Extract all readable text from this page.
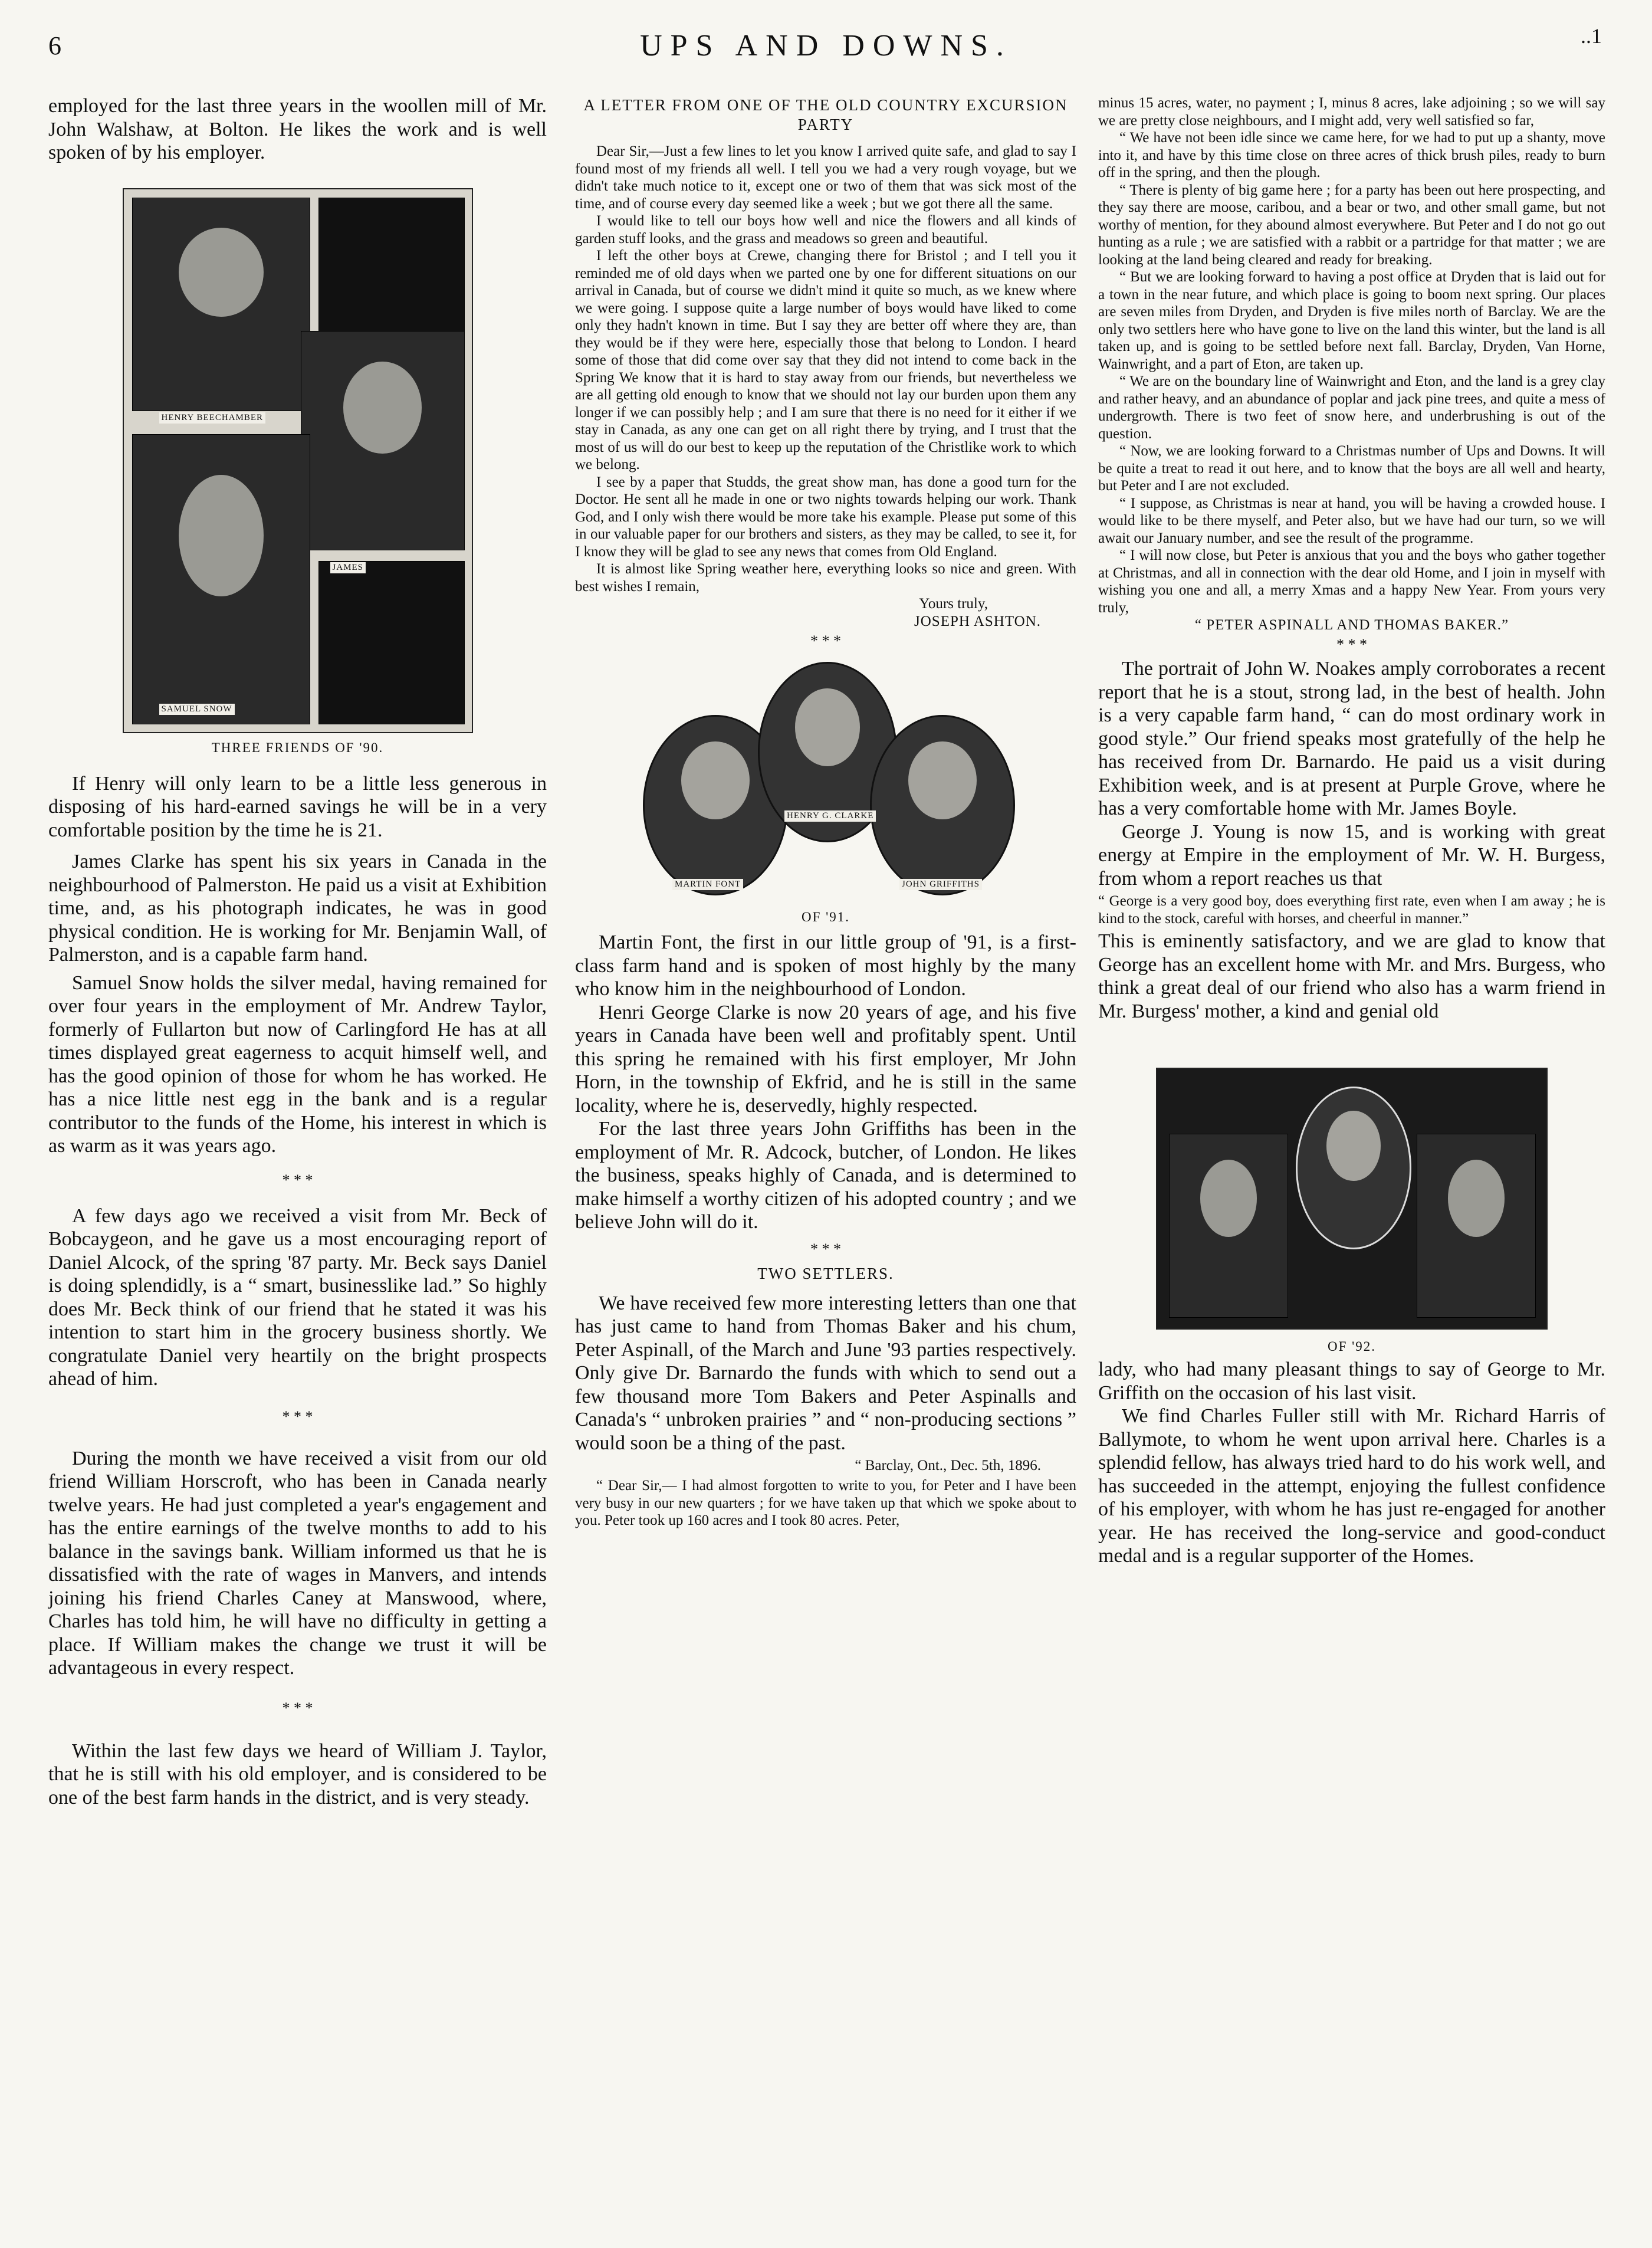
6	UPS AND DOWNS.	..1

employed for the last three years in the woollen mill of Mr. John Walshaw, at Bolton. He likes the work and is well spoken of by his employer.

HENRY BEECHAMBER
SAMUEL SNOW
JAMES
THREE FRIENDS OF '90.

If Henry will only learn to be a little less generous in disposing of his hard-earned savings he will be in a very comfortable position by the time he is 21.

James Clarke has spent his six years in Canada in the neighbourhood of Palmerston. He paid us a visit at Exhibition time, and, as his photograph indicates, he was in good physical condition. He is working for Mr. Benjamin Wall, of Palmerston, and is a capable farm hand.

Samuel Snow holds the silver medal, having remained for over four years in the employment of Mr. Andrew Taylor, formerly of Fullarton but now of Carlingford He has at all times displayed great eagerness to acquit himself well, and has the good opinion of those for whom he has worked. He has a nice little nest egg in the bank and is a regular contributor to the funds of the Home, his interest in which is as warm as it was years ago.

* * *

A few days ago we received a visit from Mr. Beck of Bobcaygeon, and he gave us a most encouraging report of Daniel Alcock, of the spring '87 party. Mr. Beck says Daniel is doing splendidly, is a “ smart, businesslike lad.” So highly does Mr. Beck think of our friend that he stated it was his intention to start him in the grocery business shortly. We congratulate Daniel very heartily on the bright prospects ahead of him.

* * *

During the month we have received a visit from our old friend William Horscroft, who has been in Canada nearly twelve years. He had just completed a year's engagement and has the entire earnings of the twelve months to add to his balance in the savings bank. William informed us that he is dissatisfied with the rate of wages in Manvers, and intends joining his friend Charles Caney at Manswood, where, Charles has told him, he will have no difficulty in getting a place. If William makes the change we trust it will be advantageous in every respect.

* * *

Within the last few days we heard of William J. Taylor, that he is still with his old employer, and is considered to be one of the best farm hands in the district, and is very steady.

A LETTER FROM ONE OF THE OLD COUNTRY EXCURSION PARTY

Dear Sir,—Just a few lines to let you know I arrived quite safe, and glad to say I found most of my friends all well. I tell you we had a very rough voyage, but we didn't take much notice to it, except one or two of them that was sick most of the time, and of course every day seemed like a week ; but we got there all the same.

I would like to tell our boys how well and nice the flowers and all kinds of garden stuff looks, and the grass and meadows so green and beautiful.

I left the other boys at Crewe, changing there for Bristol ; and I tell you it reminded me of old days when we parted one by one for different situations on our arrival in Canada, but of course we didn't mind it quite so much, as we knew where we were going. I suppose quite a large number of boys would have liked to come only they hadn't known in time. But I say they are better off where they are, than they would be if they were here, especially those that belong to London. I heard some of those that did come over say that they did not intend to come back in the Spring We know that it is hard to stay away from our friends, but nevertheless we are all getting old enough to know that we should not lay our burden upon them any longer if we can possibly help ; and I am sure that there is no need for it either if we stay in Canada, as any one can get on all right there by trying, and I trust that the most of us will do our best to keep up the reputation of the Christlike work to which we belong.

I see by a paper that Studds, the great show man, has done a good turn for the Doctor. He sent all he made in one or two nights towards helping our work. Thank God, and I only wish there would be more take his example. Please put some of this in our valuable paper for our brothers and sisters, as they may be called, to see it, for I know they will be glad to see any news that comes from Old England.

It is almost like Spring weather here, everything looks so nice and green. With best wishes I remain,

Yours truly,
JOSEPH ASHTON.
* * *
HENRY G. CLARKE
MARTIN FONT	JOHN GRIFFITHS
OF '91.

Martin Font, the first in our little group of '91, is a first-class farm hand and is spoken of most highly by the many who know him in the neighbourhood of London.

Henri George Clarke is now 20 years of age, and his five years in Canada have been well and profitably spent. Until this spring he remained with his first employer, Mr John Horn, in the township of Ekfrid, and he is still in the same locality, where he is, deservedly, highly respected.

For the last three years John Griffiths has been in the employment of Mr. R. Adcock, butcher, of London. He likes the business, speaks highly of Canada, and is determined to make himself a worthy citizen of his adopted country ; and we believe John will do it.

* * *
TWO SETTLERS.

We have received few more interesting letters than one that has just came to hand from Thomas Baker and his chum, Peter Aspinall, of the March and June '93 parties respectively. Only give Dr. Barnardo the funds with which to send out a few thousand more Tom Bakers and Peter Aspinalls and Canada's “ unbroken prairies ” and “ non-producing sections ” would soon be a thing of the past.

“ Barclay, Ont., Dec. 5th, 1896.

“ Dear Sir,— I had almost forgotten to write to you, for Peter and I have been very busy in our new quarters ; for we have taken up that which we spoke about to you. Peter took up 160 acres and I took 80 acres. Peter,

minus 15 acres, water, no payment ; I, minus 8 acres, lake adjoining ; so we will say we are pretty close neighbours, and I might add, very well satisfied so far,

“ We have not been idle since we came here, for we had to put up a shanty, move into it, and have by this time close on three acres of thick brush piles, ready to burn off in the spring, and then the plough.

“ There is plenty of big game here ; for a party has been out here prospecting, and they say there are moose, caribou, and a bear or two, and other small game, but not worthy of mention, for they abound almost everywhere. But Peter and I do not go out hunting as a rule ; we are satisfied with a rabbit or a partridge for that matter ; we are looking at the land being cleared and ready for breaking.

“ But we are looking forward to having a post office at Dryden that is laid out for a town in the near future, and which place is going to boom next spring. Our places are seven miles from Dryden, and Dryden is five miles north of Barclay. We are the only two settlers here who have gone to live on the land this winter, but the land is all taken up, and is going to be settled before next fall. Barclay, Dryden, Van Horne, Wainwright, and a part of Eton, are taken up.

“ We are on the boundary line of Wainwright and Eton, and the land is a grey clay and rather heavy, and an abundance of poplar and jack pine trees, and quite a mess of undergrowth. There is two feet of snow here, and underbrushing is out of the question.

“ Now, we are looking forward to a Christmas number of Ups and Downs. It will be quite a treat to read it out here, and to know that the boys are all well and hearty, but Peter and I are not excluded.

“ I suppose, as Christmas is near at hand, you will be having a crowded house. I would like to be there myself, and Peter also, but we have had our turn, so we will await our January number, and see the result of the programme.

“ I will now close, but Peter is anxious that you and the boys who gather together at Christmas, and all in connection with the dear old Home, and I join in myself with wishing you one and all, a merry Xmas and a happy New Year. From yours very truly,

“ PETER ASPINALL AND THOMAS BAKER.”
* * *

The portrait of John W. Noakes amply corroborates a recent report that he is a stout, strong lad, in the best of health. John is a very capable farm hand, “ can do most ordinary work in good style.” Our friend speaks most gratefully of the help he has received from Dr. Barnardo. He paid us a visit during Exhibition week, and is at present at Purple Grove, where he has a very comfortable home with Mr. James Boyle.

George J. Young is now 15, and is working with great energy at Empire in the employment of Mr. W. H. Burgess, from whom a report reaches us that

“ George is a very good boy, does everything first rate, even when I am away ; he is kind to the stock, careful with horses, and cheerful in manner.”

This is eminently satisfactory, and we are glad to know that George has an excellent home with Mr. and Mrs. Burgess, who think a great deal of our friend who also has a warm friend in Mr. Burgess' mother, a kind and genial old

OF '92.

lady, who had many pleasant things to say of George to Mr. Griffith on the occasion of his last visit.

We find Charles Fuller still with Mr. Richard Harris of Ballymote, to whom he went upon arrival here. Charles is a splendid fellow, has always tried hard to do his work well, and has succeeded in the attempt, enjoying the fullest confidence of his employer, with whom he has just re-engaged for another year. He has received the long-service and good-conduct medal and is a regular supporter of the Homes.
